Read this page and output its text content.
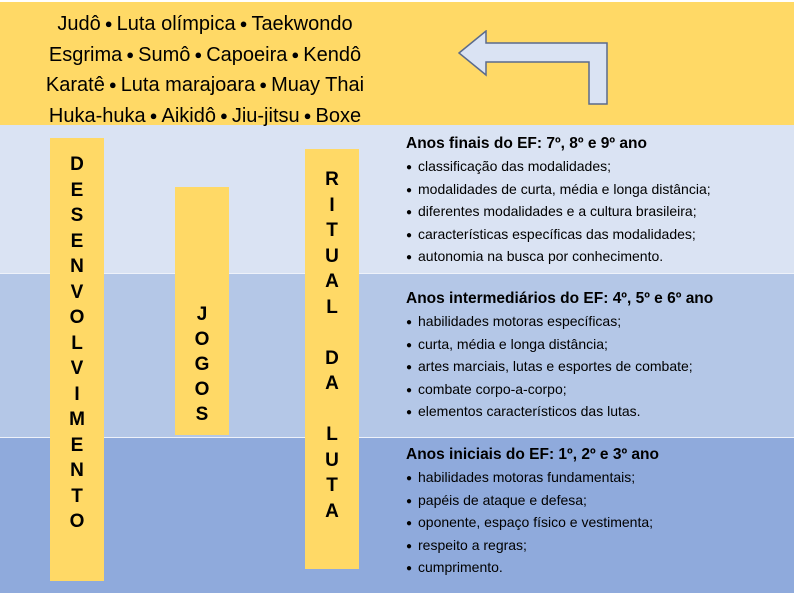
Judô ● Luta olímpica ● Taekwondo
Esgrima ● Sumô ● Capoeira ● Kendô
Karatê ● Luta marajoara ● Muay Thai
Huka-huka ● Aikidô ● Jiu-jitsu ● Boxe
D
E
S
E
N
V
O
L
V
I
M
E
N
T
O
J
O
G
O
S
R
I
T
U
A
L
D
A
L
U
T
A
Anos finais do EF: 7º, 8º e 9º ano
● classificação das modalidades;
● modalidades de curta, média e longa distância;
● diferentes modalidades e a cultura brasileira;
● características específicas das modalidades;
● autonomia na busca por conhecimento.
Anos intermediários do EF: 4º, 5º e 6º ano
● habilidades motoras específicas;
● curta, média e longa distância;
● artes marciais, lutas e esportes de combate;
● combate corpo-a-corpo;
● elementos característicos das lutas.
Anos iniciais do EF: 1º, 2º e 3º ano
● habilidades motoras fundamentais;
● papéis de ataque e defesa;
● oponente, espaço físico e vestimenta;
● respeito a regras;
● cumprimento.
